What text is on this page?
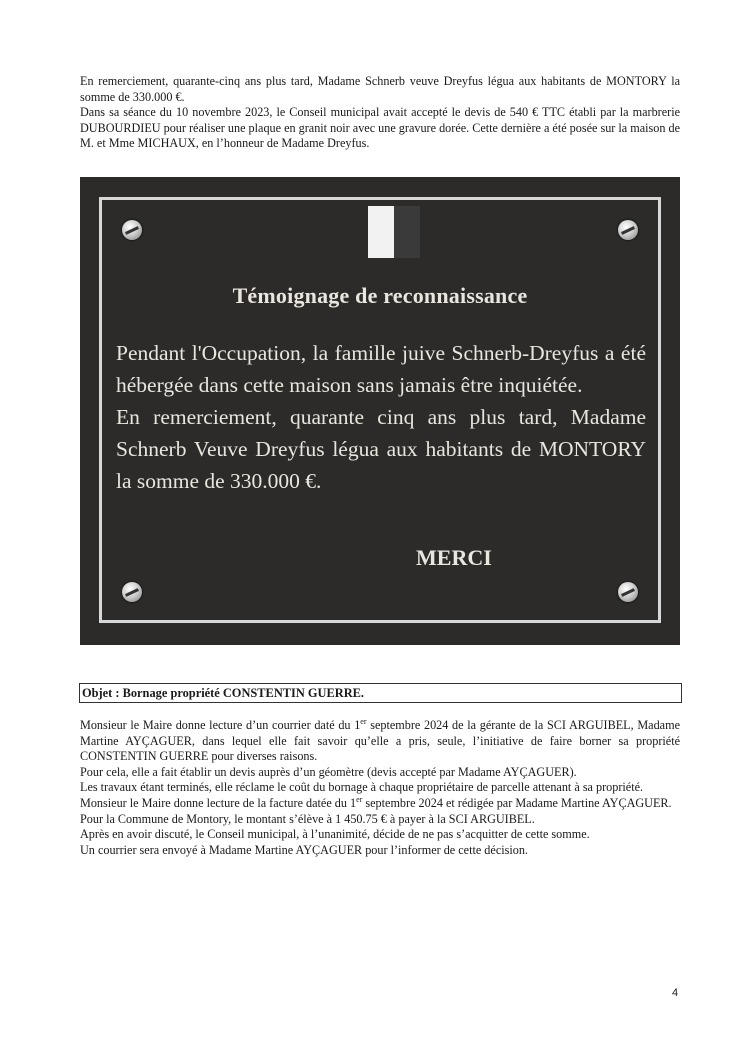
En remerciement, quarante-cinq ans plus tard, Madame Schnerb veuve Dreyfus légua aux habitants de MONTORY la somme de 330.000 €.

Dans sa séance du 10 novembre 2023, le Conseil municipal avait accepté le devis de 540 € TTC établi par la marbrerie DUBOURDIEU pour réaliser une plaque en granit noir avec une gravure dorée. Cette dernière a été posée sur la maison de M. et Mme MICHAUX, en l’honneur de Madame Dreyfus.

Témoignage de reconnaissance

Pendant l'Occupation, la famille juive Schnerb-Dreyfus a été hébergée dans cette maison sans jamais être inquiétée.

En remerciement, quarante cinq ans plus tard, Madame Schnerb Veuve Dreyfus légua aux habitants de MONTORY la somme de 330.000 €.

MERCI
Objet : Bornage propriété CONSTENTIN GUERRE.

Monsieur le Maire donne lecture d’un courrier daté du 1er septembre 2024 de la gérante de la SCI ARGUIBEL, Madame Martine AYÇAGUER, dans lequel elle fait savoir qu’elle a pris, seule, l’initiative de faire borner sa propriété CONSTENTIN GUERRE pour diverses raisons.

Pour cela, elle a fait établir un devis auprès d’un géomètre (devis accepté par Madame AYÇAGUER).

Les travaux étant terminés, elle réclame le coût du bornage à chaque propriétaire de parcelle attenant à sa propriété.

Monsieur le Maire donne lecture de la facture datée du 1er septembre 2024 et rédigée par Madame Martine AYÇAGUER.

Pour la Commune de Montory, le montant s’élève à 1 450.75 € à payer à la SCI ARGUIBEL.

Après en avoir discuté, le Conseil municipal, à l’unanimité, décide de ne pas s’acquitter de cette somme.

Un courrier sera envoyé à Madame Martine AYÇAGUER pour l’informer de cette décision.

4
